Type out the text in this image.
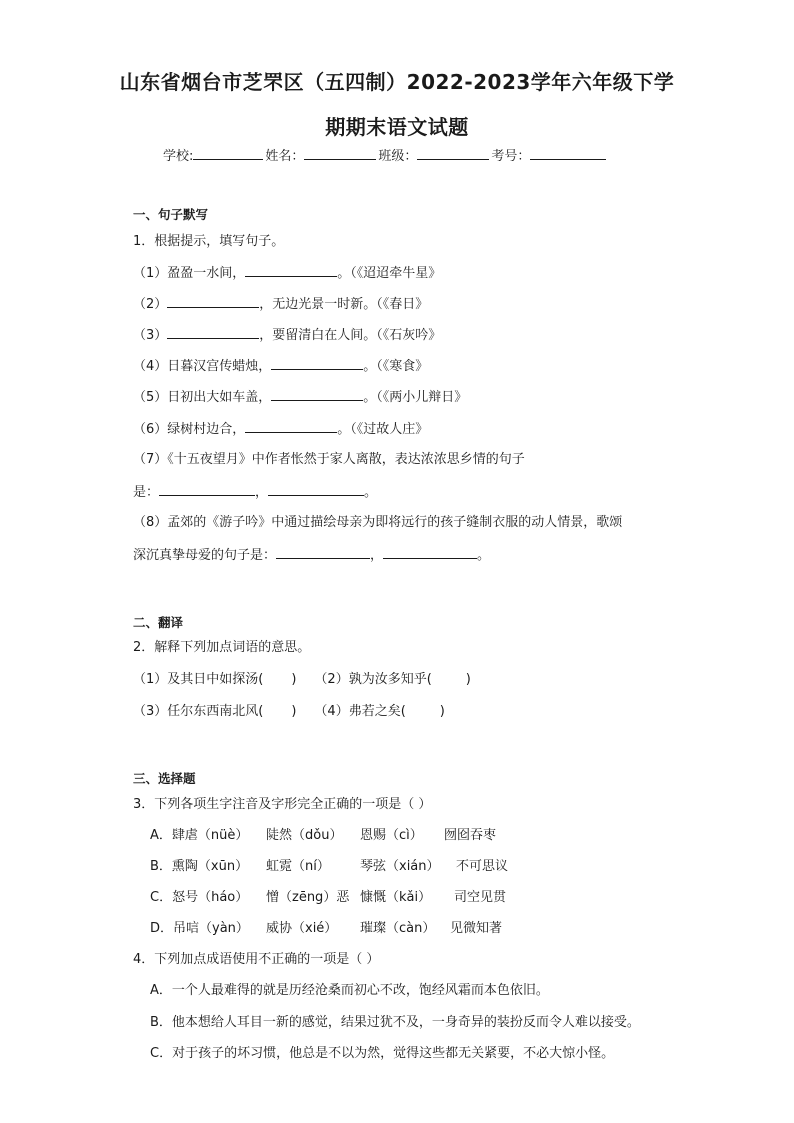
山东省烟台市芝罘区（五四制）2022-2023学年六年级下学
期期末语文试题
学校:	姓名：	班级：	考号：
一、句子默写
1．根据提示，填写句子。
（1）盈盈一水间，	。（《迢迢牵牛星》
（2）	，无边光景一时新。（《春日》
（3）	，要留清白在人间。（《石灰吟》
（4）日暮汉宫传蜡烛，	。（《寒食》
（5）日初出大如车盖，	。（《两小儿辩日》
（6）绿树村边合，	。（《过故人庄》
（7）《十五夜望月》中作者怅然于家人离散，表达浓浓思乡情的句子
是：	，	。
（8）孟郊的《游子吟》中通过描绘母亲为即将远行的孩子缝制衣服的动人情景，歌颂
深沉真挚母爱的句子是：	，	。
二、翻译
2．解释下列加点词语的意思。
（1）及其日中如探汤( ) （2）孰为汝多知乎(	)
（3）任尔东西南北风( ) （4）弗若之矣(	)
三、选择题
3．下列各项生字注音及字形完全正确的一项是（ ）
A．肆虐（nüè） 陡然（dǒu） 恩赐（cì） 囫囵吞枣
B．熏陶（xūn） 虹霓（ní） 琴弦（xián） 不可思议
C．怒号（háo） 憎（zēng）恶 慷慨（kǎi） 司空见贯
D．吊唁（yàn） 威协（xié） 璀璨（càn） 见微知著
4．下列加点成语使用不正确的一项是（ ）
A．一个人最难得的就是历经沧桑而初心不改，饱经风霜而本色依旧。
B．他本想给人耳目一新的感觉，结果过犹不及，一身奇异的装扮反而令人难以接受。
C．对于孩子的坏习惯，他总是不以为然，觉得这些都无关紧要，不必大惊小怪。
